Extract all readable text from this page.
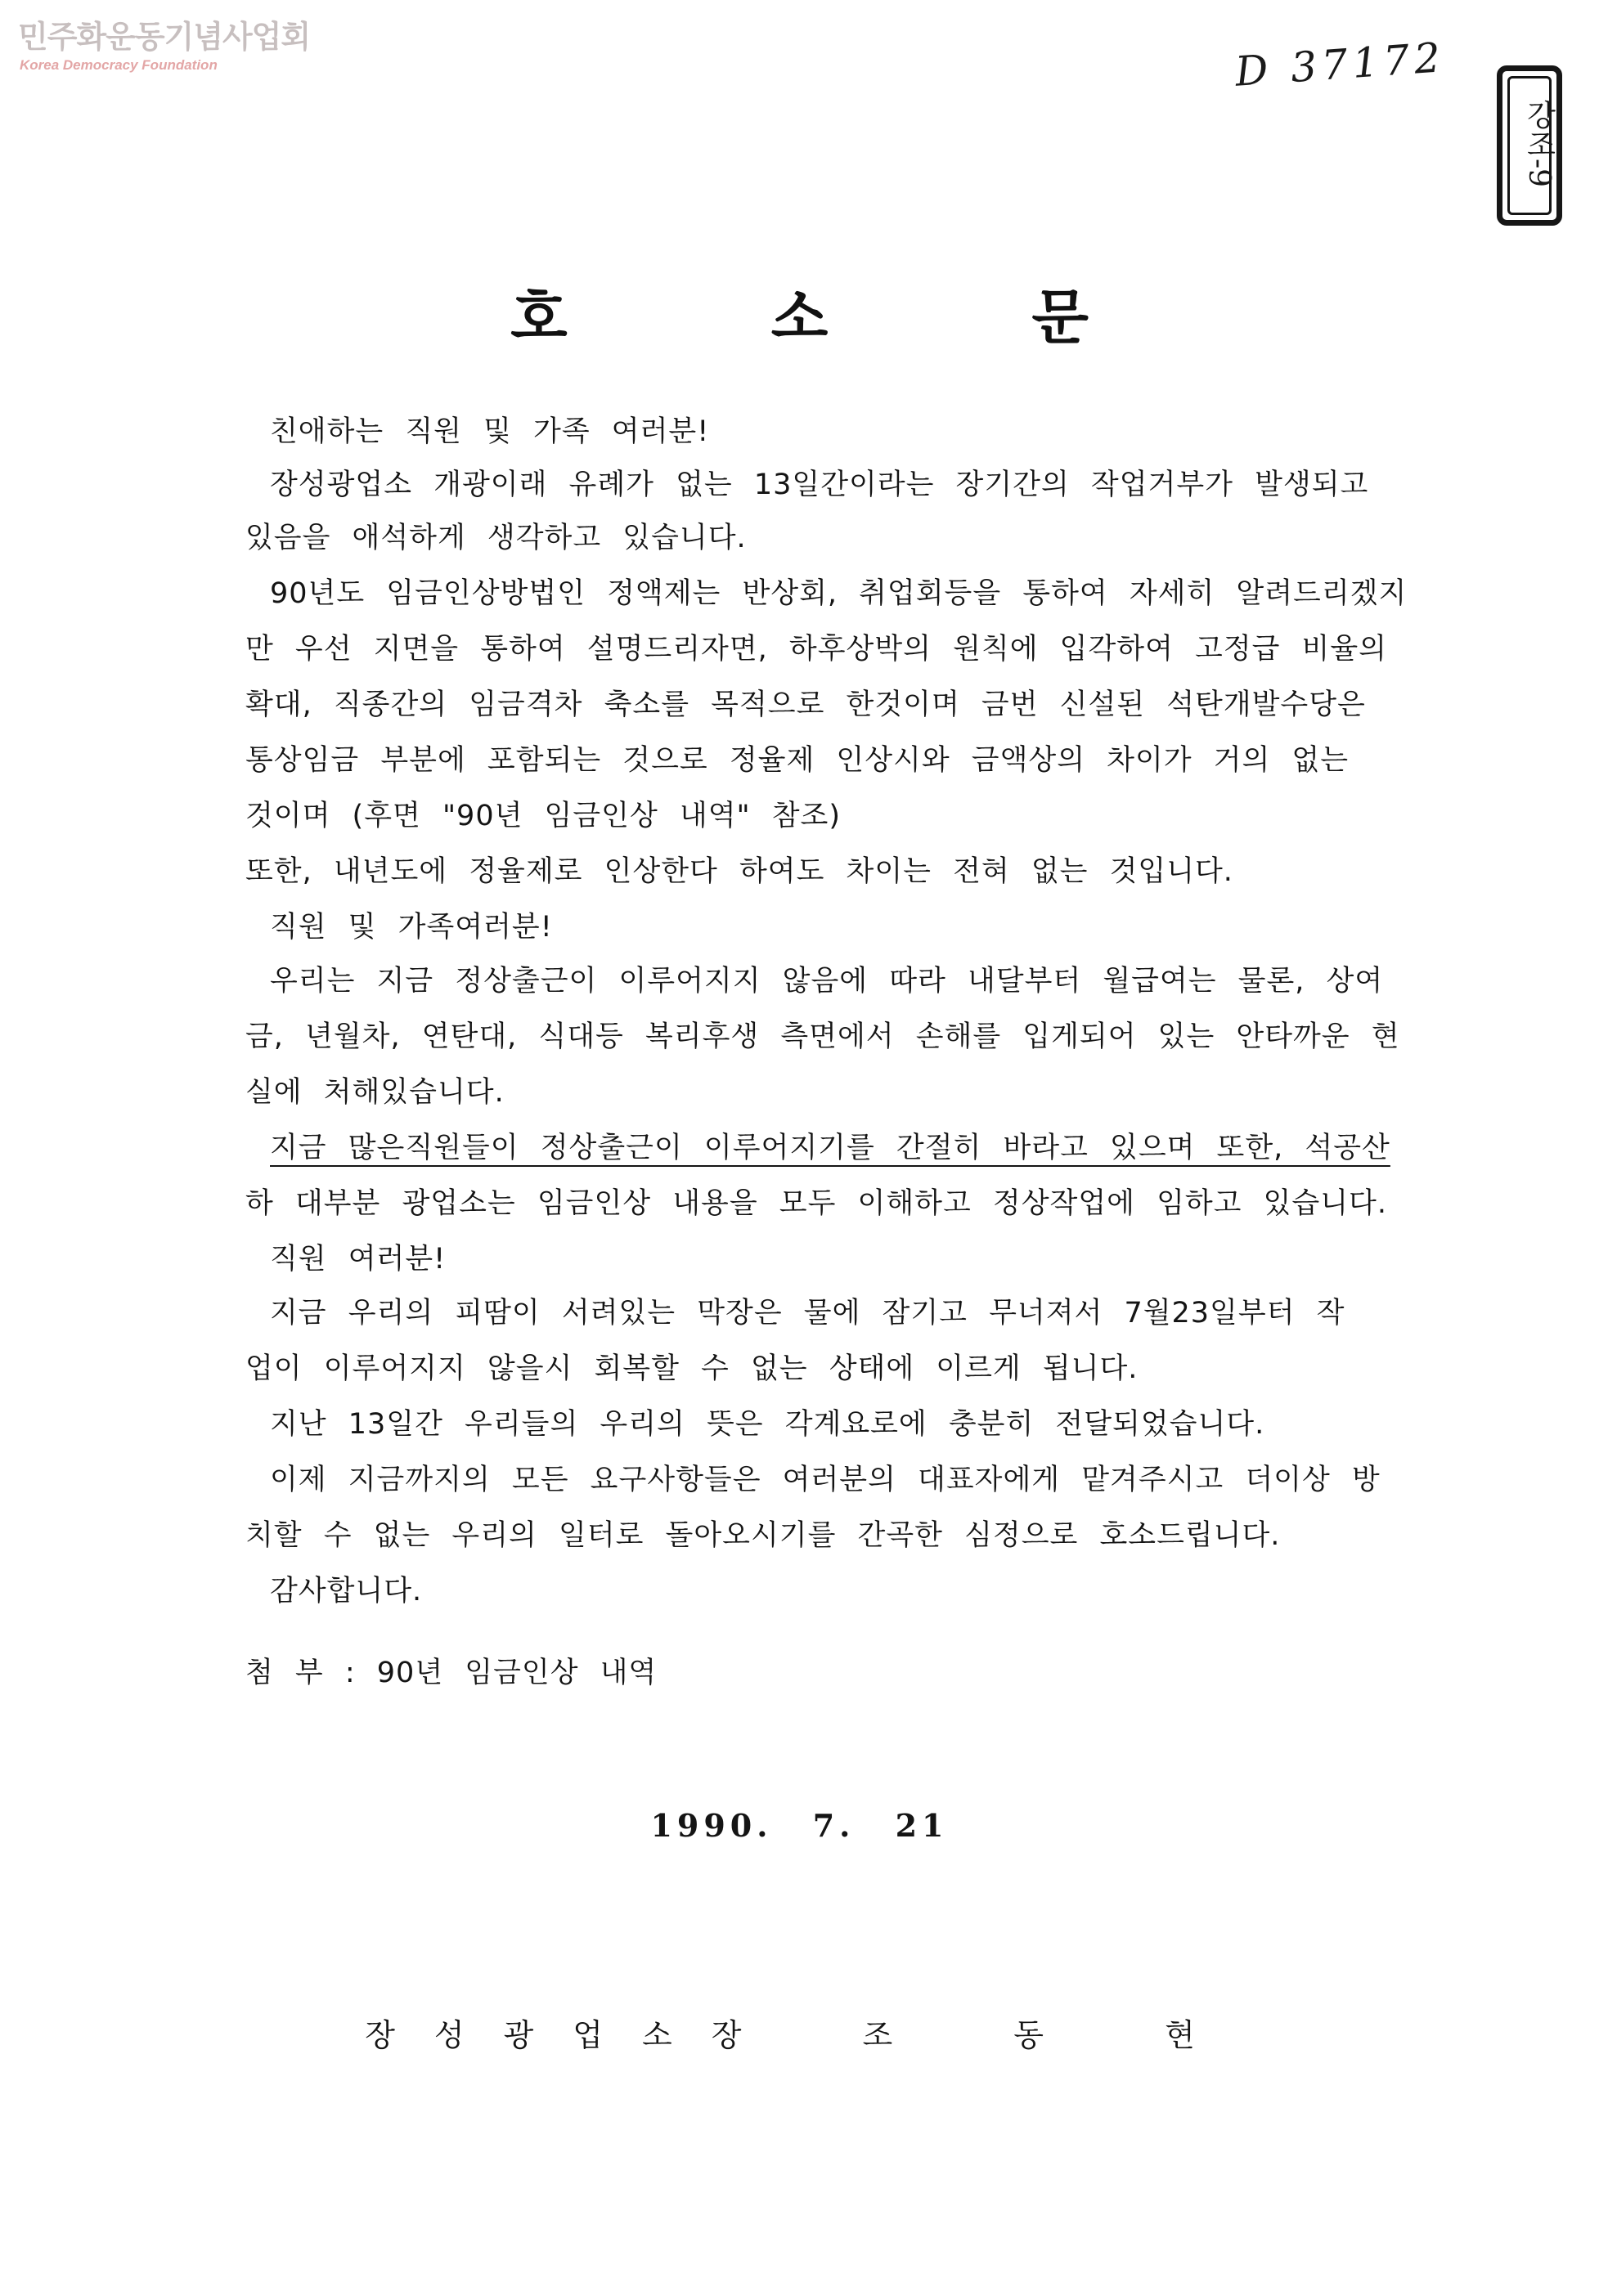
민주화운동기념사업회
Korea Democracy Foundation	D 37172
강조-9
호 소 문
친애하는 직원 및 가족 여러분!
장성광업소 개광이래 유례가 없는 13일간이라는 장기간의 작업거부가 발생되고
있음을 애석하게 생각하고 있습니다.
90년도 임금인상방법인 정액제는 반상회, 취업회등을 통하여 자세히 알려드리겠지
만 우선 지면을 통하여 설명드리자면, 하후상박의 원칙에 입각하여 고정급 비율의
확대, 직종간의 임금격차 축소를 목적으로 한것이며 금번 신설된 석탄개발수당은
통상임금 부분에 포함되는 것으로 정율제 인상시와 금액상의 차이가 거의 없는
것이며 (후면 "90년 임금인상 내역" 참조)
또한, 내년도에 정율제로 인상한다 하여도 차이는 전혀 없는 것입니다.
직원 및 가족여러분!
우리는 지금 정상출근이 이루어지지 않음에 따라 내달부터 월급여는 물론, 상여
금, 년월차, 연탄대, 식대등 복리후생 측면에서 손해를 입게되어 있는 안타까운 현
실에 처해있습니다.
지금 많은직원들이 정상출근이 이루어지기를 간절히 바라고 있으며 또한, 석공산
하 대부분 광업소는 임금인상 내용을 모두 이해하고 정상작업에 임하고 있습니다.
직원 여러분!
지금 우리의 피땀이 서려있는 막장은 물에 잠기고 무너져서 7월23일부터 작
업이 이루어지지 않을시 회복할 수 없는 상태에 이르게 됩니다.
지난 13일간 우리들의 우리의 뜻은 각계요로에 충분히 전달되었습니다.
이제 지금까지의 모든 요구사항들은 여러분의 대표자에게 맡겨주시고 더이상 방
치할 수 없는 우리의 일터로 돌아오시기를 간곡한 심정으로 호소드립니다.
감사합니다.
첨 부 : 90년 임금인상 내역
1990. 7. 21
장성광업소장 조 동 현
